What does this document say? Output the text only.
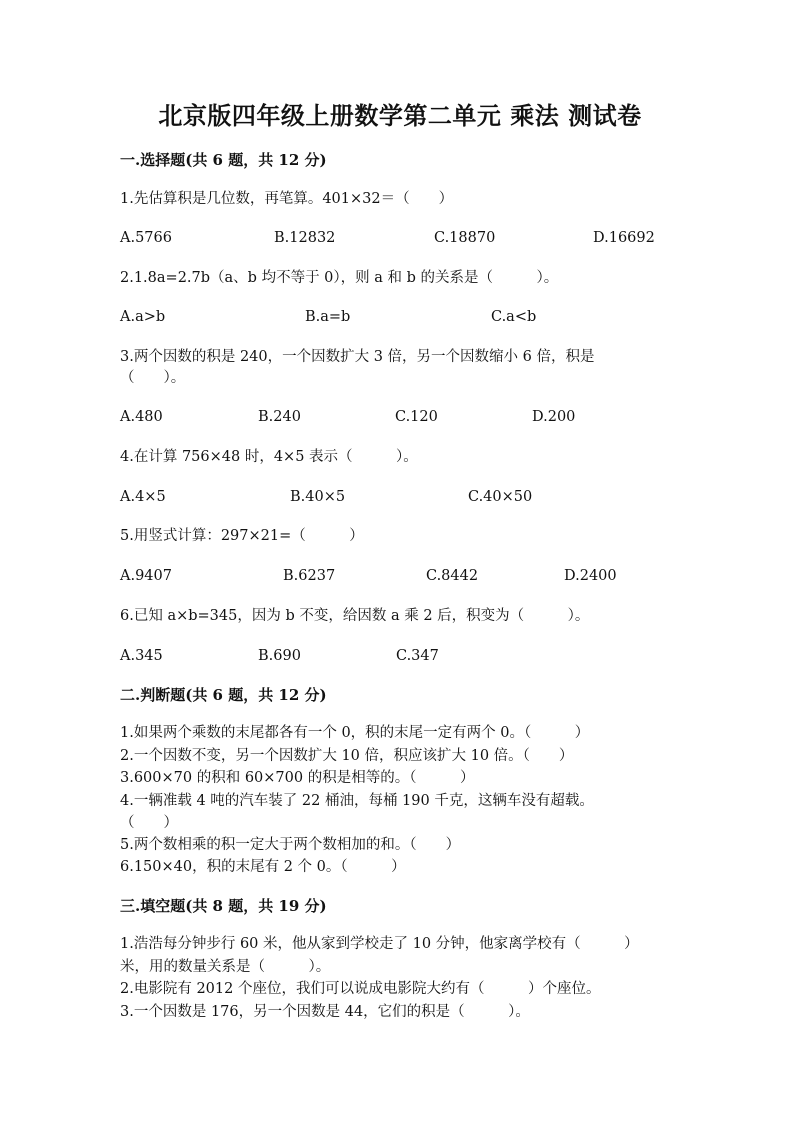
北京版四年级上册数学第二单元 乘法 测试卷
一.选择题(共 6 题，共 12 分)
1.先估算积是几位数，再笔算。401×32＝（　　）
A.5766	B.12832	C.18870	D.16692
2.1.8a=2.7b（a、b 均不等于 0），则 a 和 b 的关系是（　　　）。
A.a>b	B.a=b	C.a<b
3.两个因数的积是 240，一个因数扩大 3 倍，另一个因数缩小 6 倍，积是
（　　）。
A.480	B.240	C.120	D.200
4.在计算 756×48 时，4×5 表示（　　　）。
A.4×5	B.40×5	C.40×50
5.用竖式计算：297×21=（　　　）
A.9407	B.6237	C.8442	D.2400
6.已知 a×b=345，因为 b 不变，给因数 a 乘 2 后，积变为（　　　）。
A.345	B.690	C.347
二.判断题(共 6 题，共 12 分)
1.如果两个乘数的末尾都各有一个 0，积的末尾一定有两个 0。（　　　）
2.一个因数不变，另一个因数扩大 10 倍，积应该扩大 10 倍。（　　）
3.600×70 的积和 60×700 的积是相等的。（　　　）
4.一辆准载 4 吨的汽车装了 22 桶油，每桶 190 千克，这辆车没有超载。
（　　）
5.两个数相乘的积一定大于两个数相加的和。（　　）
6.150×40，积的末尾有 2 个 0。（　　　）
三.填空题(共 8 题，共 19 分)
1.浩浩每分钟步行 60 米，他从家到学校走了 10 分钟，他家离学校有（　　　）
米，用的数量关系是（　　　）。
2.电影院有 2012 个座位，我们可以说成电影院大约有（　　　）个座位。
3.一个因数是 176，另一个因数是 44，它们的积是（　　　）。
